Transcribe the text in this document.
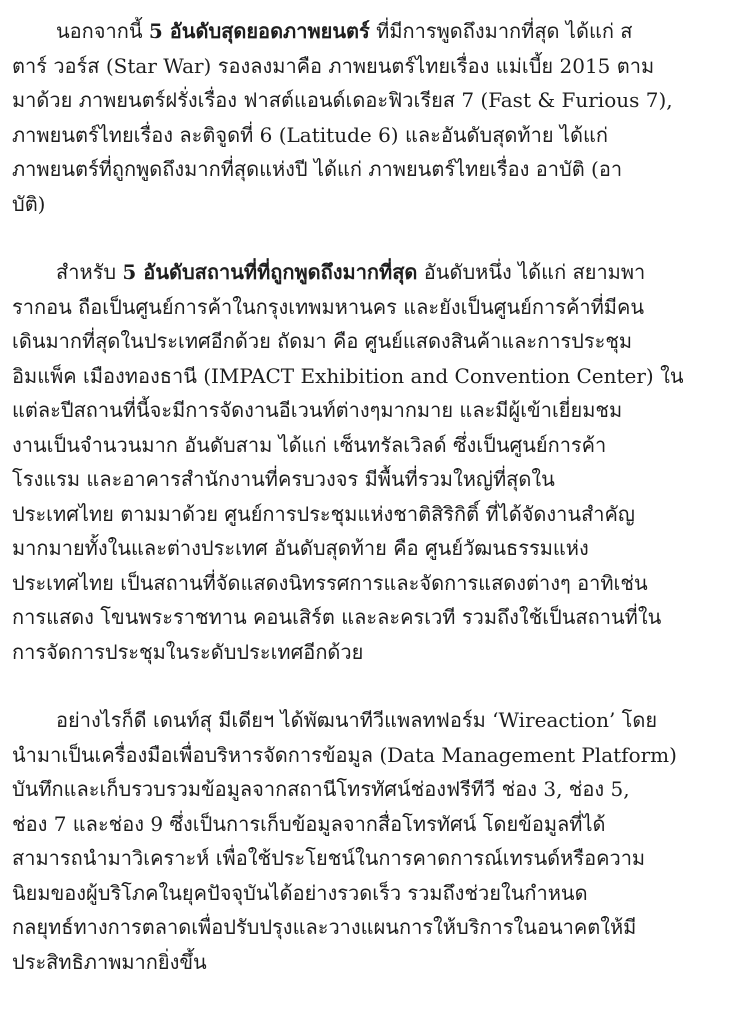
นอกจากนี้ 5 อันดับสุดยอดภาพยนตร์ ที่มีการพูดถึงมากที่สุด ได้แก่ ส
ตาร์ วอร์ส (Star War) รองลงมาคือ ภาพยนตร์ไทยเรื่อง แม่เบี้ย 2015 ตาม
มาด้วย ภาพยนตร์ฝรั่งเรื่อง ฟาสต์แอนด์เดอะฟิวเรียส 7 (Fast & Furious 7),
ภาพยนตร์ไทยเรื่อง ละติจูดที่ 6 (Latitude 6) และอันดับสุดท้าย ได้แก่
ภาพยนตร์ที่ถูกพูดถึงมากที่สุดแห่งปี ได้แก่ ภาพยนตร์ไทยเรื่อง อาบัติ (อา
บัติ)
สำหรับ 5 อันดับสถานที่ที่ถูกพูดถึงมากที่สุด อันดับหนึ่ง ได้แก่ สยามพา
รากอน ถือเป็นศูนย์การค้าในกรุงเทพมหานคร และยังเป็นศูนย์การค้าที่มีคน
เดินมากที่สุดในประเทศอีกด้วย ถัดมา คือ ศูนย์แสดงสินค้าและการประชุม
อิมแพ็ค เมืองทองธานี (IMPACT Exhibition and Convention Center) ใน
แต่ละปีสถานที่นี้จะมีการจัดงานอีเวนท์ต่างๆมากมาย และมีผู้เข้าเยี่ยมชม
งานเป็นจำนวนมาก อันดับสาม ได้แก่ เซ็นทรัลเวิลด์ ซึ่งเป็นศูนย์การค้า
โรงแรม และอาคารสำนักงานที่ครบวงจร มีพื้นที่รวมใหญ่ที่สุดใน
ประเทศไทย ตามมาด้วย ศูนย์การประชุมแห่งชาติสิริกิติ์ ที่ได้จัดงานสำคัญ
มากมายทั้งในและต่างประเทศ อันดับสุดท้าย คือ ศูนย์วัฒนธรรมแห่ง
ประเทศไทย เป็นสถานที่จัดแสดงนิทรรศการและจัดการแสดงต่างๆ อาทิเช่น
การแสดง โขนพระราชทาน คอนเสิร์ต และละครเวที รวมถึงใช้เป็นสถานที่ใน
การจัดการประชุมในระดับประเทศอีกด้วย
อย่างไรก็ดี เดนท์สุ มีเดียฯ ได้พัฒนาทีวีแพลทฟอร์ม ‘Wireaction’ โดย
นำมาเป็นเครื่องมือเพื่อบริหารจัดการข้อมูล (Data Management Platform)
บันทึกและเก็บรวบรวมข้อมูลจากสถานีโทรทัศน์ช่องฟรีทีวี ช่อง 3, ช่อง 5,
ช่อง 7 และช่อง 9 ซึ่งเป็นการเก็บข้อมูลจากสื่อโทรทัศน์ โดยข้อมูลที่ได้
สามารถนำมาวิเคราะห์ เพื่อใช้ประโยชน์ในการคาดการณ์เทรนด์หรือความ
นิยมของผู้บริโภคในยุคปัจจุบันได้อย่างรวดเร็ว รวมถึงช่วยในกำหนด
กลยุทธ์ทางการตลาดเพื่อปรับปรุงและวางแผนการให้บริการในอนาคตให้มี
ประสิทธิภาพมากยิ่งขึ้น
